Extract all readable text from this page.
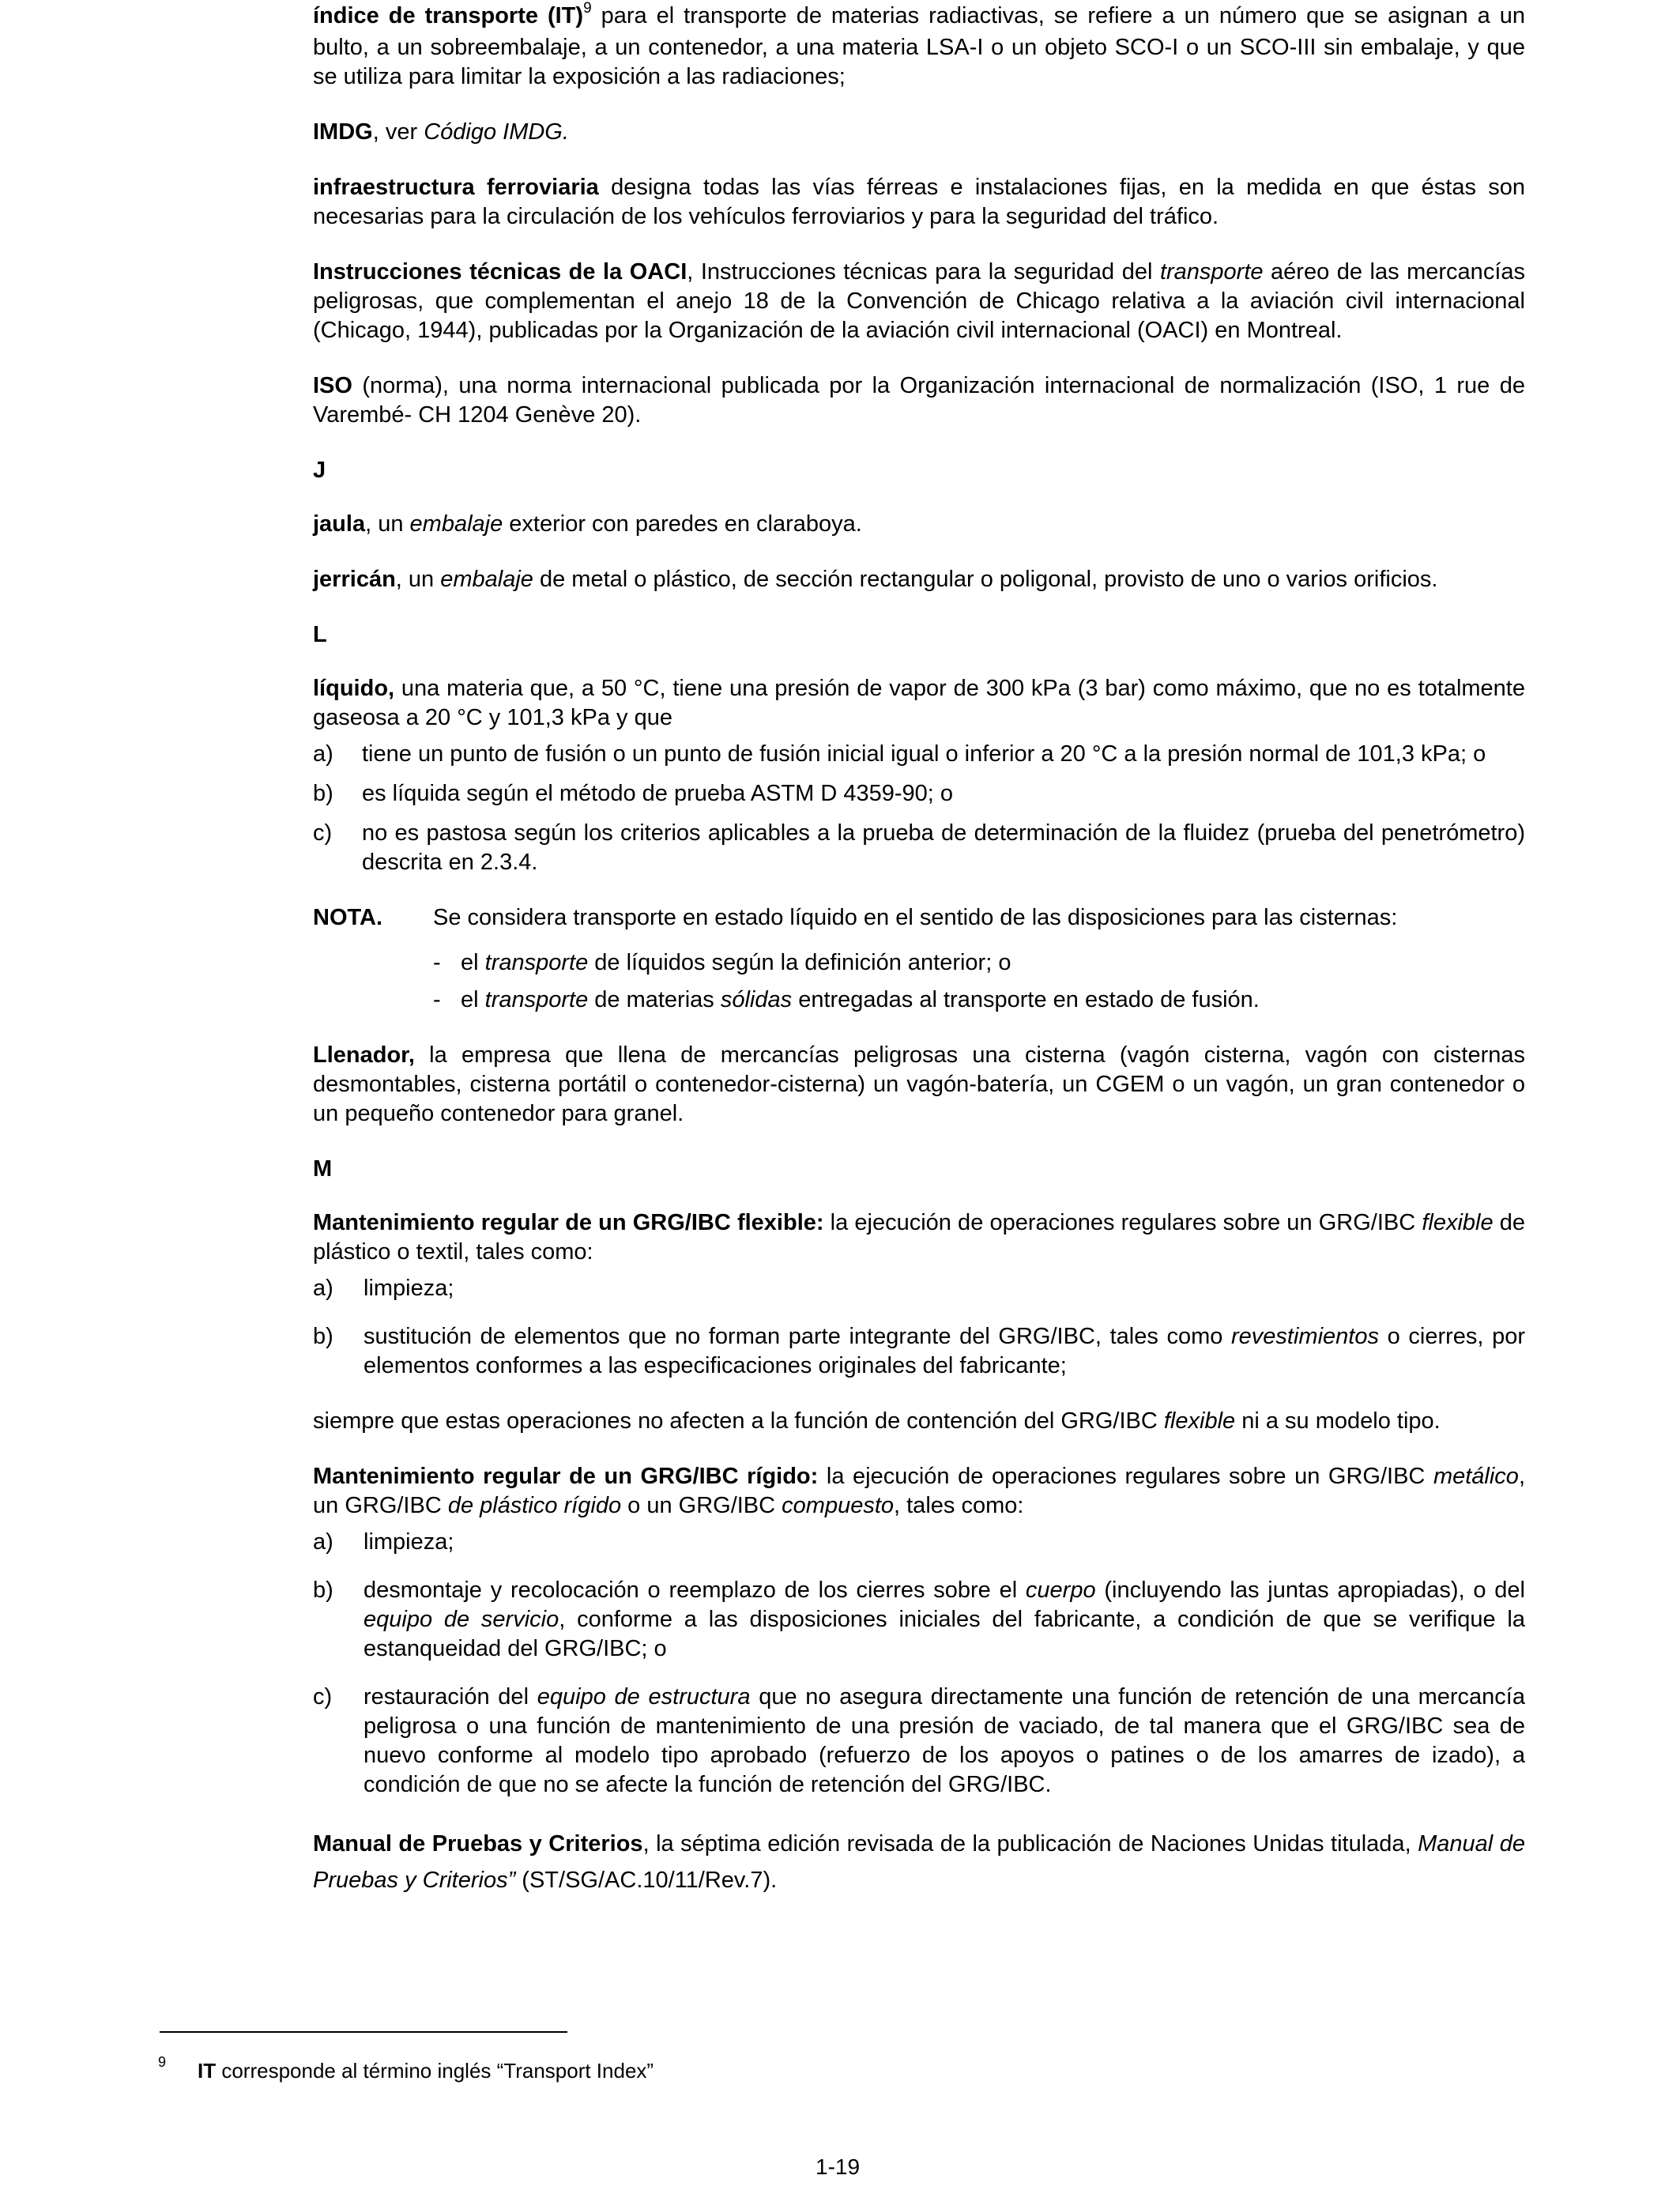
índice de transporte (IT)$^9$ para el transporte de materias radiactivas, se refiere a un número que se asignan a un bulto, a un sobreembalaje, a un contenedor, a una materia LSA-I o un objeto SCO-I o un SCO-III sin embalaje, y que se utiliza para limitar la exposición a las radiaciones;

IMDG, ver Código IMDG.

infraestructura ferroviaria designa todas las vías férreas e instalaciones fijas, en la medida en que éstas son necesarias para la circulación de los vehículos ferroviarios y para la seguridad del tráfico.

Instrucciones técnicas de la OACI, Instrucciones técnicas para la seguridad del transporte aéreo de las mercancías peligrosas, que complementan el anejo 18 de la Convención de Chicago relativa a la aviación civil internacional (Chicago, 1944), publicadas por la Organización de la aviación civil internacional (OACI) en Montreal.

ISO (norma), una norma internacional publicada por la Organización internacional de normalización (ISO, 1 rue de Varembé- CH 1204 Genève 20).

J

jaula, un embalaje exterior con paredes en claraboya.

jerricán, un embalaje de metal o plástico, de sección rectangular o poligonal, provisto de uno o varios orificios.

L

líquido, una materia que, a 50 °C, tiene una presión de vapor de 300 kPa (3 bar) como máximo, que no es totalmente gaseosa a 20 °C y 101,3 kPa y que

a) tiene un punto de fusión o un punto de fusión inicial igual o inferior a 20 °C a la presión normal de 101,3 kPa; o
b) es líquida según el método de prueba ASTM D 4359-90; o
c) no es pastosa según los criterios aplicables a la prueba de determinación de la fluidez (prueba del penetrómetro) descrita en 2.3.4.
NOTA. Se considera transporte en estado líquido en el sentido de las disposiciones para las cisternas:
- el transporte de líquidos según la definición anterior; o
- el transporte de materias sólidas entregadas al transporte en estado de fusión.

Llenador, la empresa que llena de mercancías peligrosas una cisterna (vagón cisterna, vagón con cisternas desmontables, cisterna portátil o contenedor-cisterna) un vagón-batería, un CGEM o un vagón, un gran contenedor o un pequeño contenedor para granel.

M

Mantenimiento regular de un GRG/IBC flexible: la ejecución de operaciones regulares sobre un GRG/IBC flexible de plástico o textil, tales como:

a) limpieza;
b) sustitución de elementos que no forman parte integrante del GRG/IBC, tales como revestimientos o cierres, por elementos conformes a las especificaciones originales del fabricante;

siempre que estas operaciones no afecten a la función de contención del GRG/IBC flexible ni a su modelo tipo.

Mantenimiento regular de un GRG/IBC rígido: la ejecución de operaciones regulares sobre un GRG/IBC metálico, un GRG/IBC de plástico rígido o un GRG/IBC compuesto, tales como:

a) limpieza;
b) desmontaje y recolocación o reemplazo de los cierres sobre el cuerpo (incluyendo las juntas apropiadas), o del equipo de servicio, conforme a las disposiciones iniciales del fabricante, a condición de que se verifique la estanqueidad del GRG/IBC; o
c) restauración del equipo de estructura que no asegura directamente una función de retención de una mercancía peligrosa o una función de mantenimiento de una presión de vaciado, de tal manera que el GRG/IBC sea de nuevo conforme al modelo tipo aprobado (refuerzo de los apoyos o patines o de los amarres de izado), a condición de que no se afecte la función de retención del GRG/IBC.

Manual de Pruebas y Criterios, la séptima edición revisada de la publicación de Naciones Unidas titulada, Manual de Pruebas y Criterios” (ST/SG/AC.10/11/Rev.7).

$^9$ IT corresponde al término inglés “Transport Index”
1-19
